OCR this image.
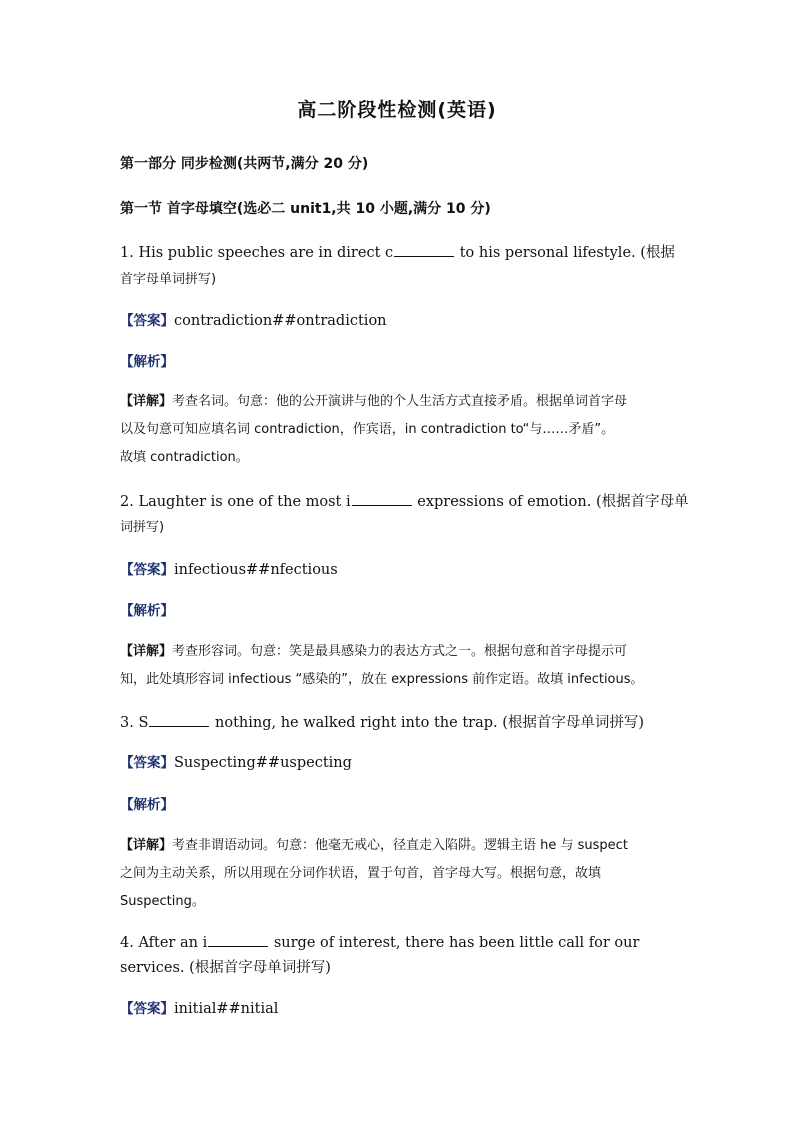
高二阶段性检测(英语)
第一部分 同步检测(共两节,满分 20 分)
第一节 首字母填空(选必二 unit1,共 10 小题,满分 10 分)
1. His public speeches are in direct c	to his personal lifestyle. (根据
首字母单词拼写)
【答案】contradiction##ontradiction
【解析】
【详解】考查名词。句意：他的公开演讲与他的个人生活方式直接矛盾。根据单词首字母
以及句意可知应填名词 contradiction，作宾语，in contradiction to“与……矛盾”。
故填 contradiction。
2. Laughter is one of the most i	expressions of emotion. (根据首字母单
词拼写)
【答案】infectious##nfectious
【解析】
【详解】考查形容词。句意：笑是最具感染力的表达方式之一。根据句意和首字母提示可
知，此处填形容词 infectious “感染的”，放在 expressions 前作定语。故填 infectious。
3. S	nothing, he walked right into the trap. (根据首字母单词拼写)
【答案】Suspecting##uspecting
【解析】
【详解】考查非谓语动词。句意：他毫无戒心，径直走入陷阱。逻辑主语 he 与 suspect
之间为主动关系，所以用现在分词作状语，置于句首，首字母大写。根据句意，故填
Suspecting。
4. After an i	surge of interest, there has been little call for our
services. (根据首字母单词拼写)
【答案】initial##nitial
